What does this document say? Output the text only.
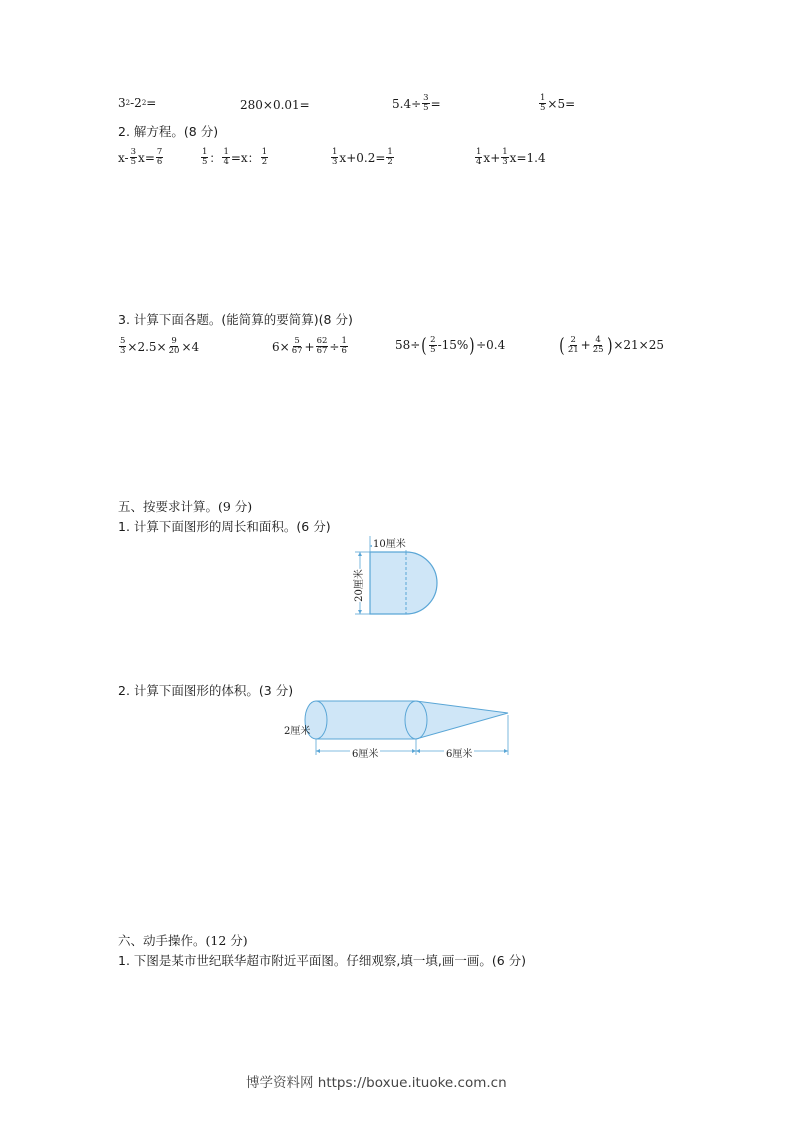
3 2 -2 2 =	280×0.01=	$5.4 \div \frac{3}{5}$ =	$\frac{1}{5} \times 5=$
2. 解方程。(8 分)
$x- \frac{3}{5} x= \frac{7}{6}$	$\frac{1}{5}$ ： $\frac{1}{4} =x$： $\frac{1}{2}$	$\frac{1}{3} x+0.2= \frac{1}{2}$	$\frac{1}{4} x+ \frac{1}{3} x=1.4$
3. 计算下面各题。(能简算的要简算)(8 分)
$\frac{5}{3} \times 2.5\times \frac{9}{20} \times 4$	$6\times \frac{5}{67} + \frac{62}{67} \div \frac{1}{6}$	58÷ ( $\frac{2}{5} -15\%$ ) ÷0.4	( $\frac{2}{21} + \frac{4}{25}$ ) ×21×25
五、按要求计算。(9 分)
1. 计算下面图形的周长和面积。(6 分)
10厘米
20厘米
2. 计算下面图形的体积。(3 分)
2厘米
6厘米	6厘米
六、动手操作。(12 分)
1. 下图是某市世纪联华超市附近平面图。仔细观察,填一填,画一画。(6 分)
博学资料网 https://boxue.ituoke.com.cn
